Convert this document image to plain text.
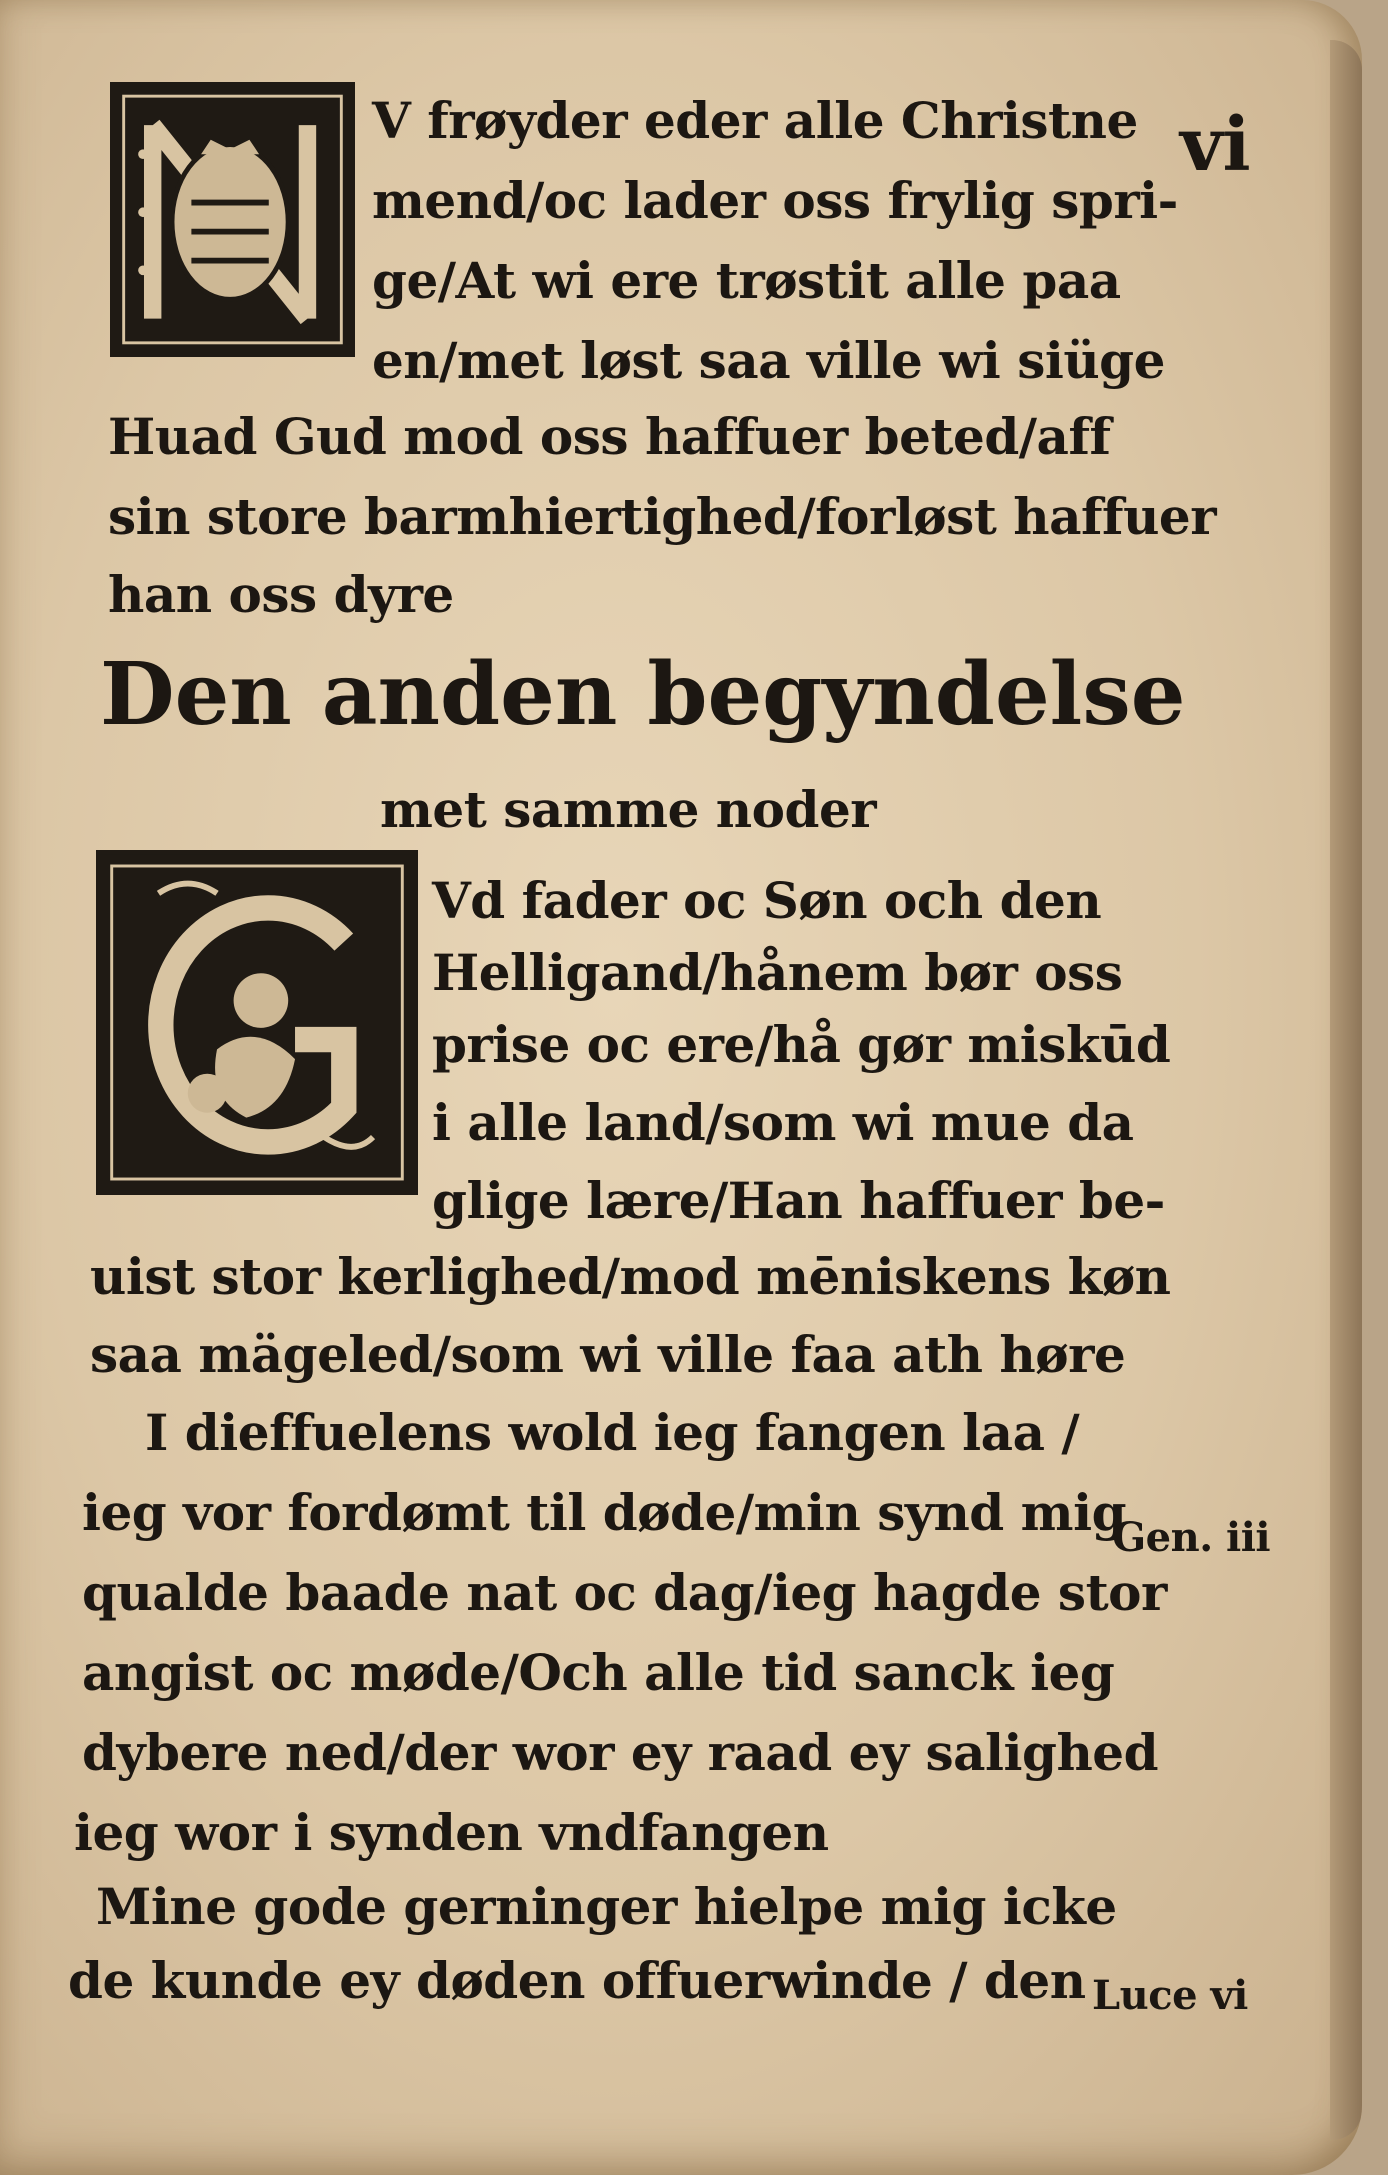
vi
V frøyder eder alle Christne
mend/oc lader oss frylig spri-
ge/At wi ere trøstit alle paa
en/met løst saa ville wi siüge
Huad Gud mod oss haffuer beted/aff
sin store barmhiertighed/forløst haffuer
han oss dyre
Den anden begyndelse
met samme noder
Vd fader oc Søn och den
Helligand/hånem bør oss
prise oc ere/hå gør miskūd
i alle land/som wi mue da
glige lære/Han haffuer be-
uist stor kerlighed/mod mēniskens køn
saa mägeled/som wi ville faa ath høre
I dieffuelens wold ieg fangen laa /
ieg vor fordømt til døde/min synd mig
qualde baade nat oc dag/ieg hagde stor
angist oc møde/Och alle tid sanck ieg
dybere ned/der wor ey raad ey salighed
ieg wor i synden vndfangen
Mine gode gerninger hielpe mig icke
de kunde ey døden offuerwinde / den
Gen. iii
Luce vi
